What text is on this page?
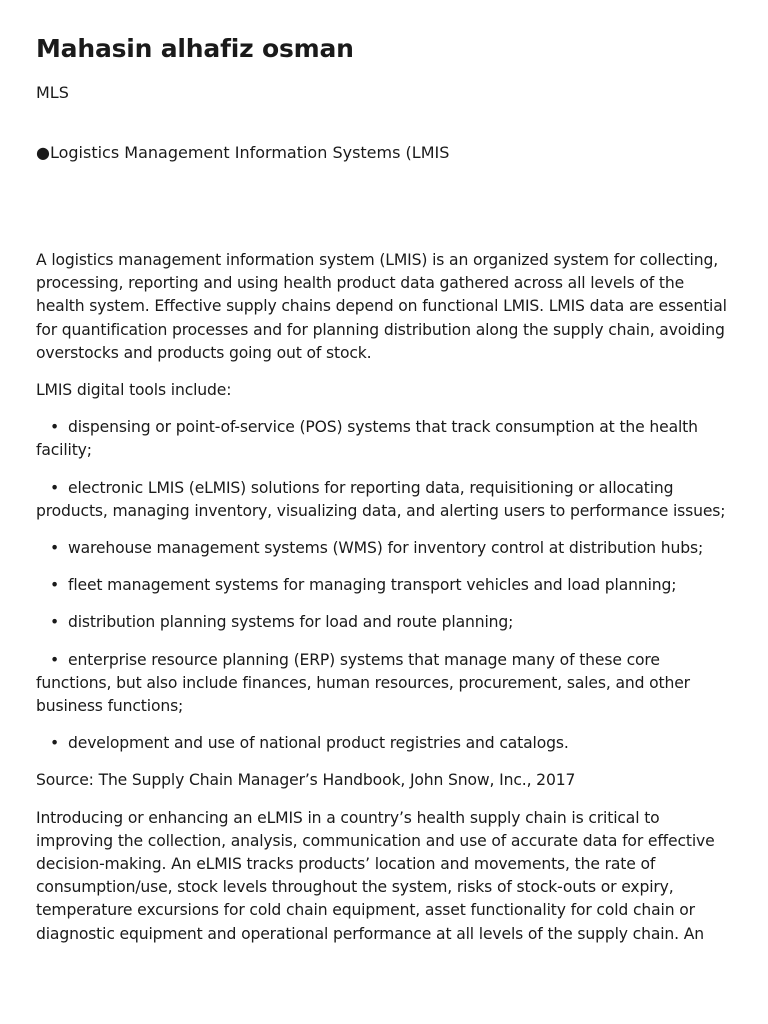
Mahasin alhafiz osman
MLS
●Logistics Management Information Systems (LMIS

A logistics management information system (LMIS) is an organized system for collecting, processing, reporting and using health product data gathered across all levels of the health system. Effective supply chains depend on functional LMIS. LMIS data are essential for quantification processes and for planning distribution along the supply chain, avoiding overstocks and products going out of stock.

LMIS digital tools include:

• dispensing or point-of-service (POS) systems that track consumption at the health facility;
• electronic LMIS (eLMIS) solutions for reporting data, requisitioning or allocating products, managing inventory, visualizing data, and alerting users to performance issues;
• warehouse management systems (WMS) for inventory control at distribution hubs;
• fleet management systems for managing transport vehicles and load planning;
• distribution planning systems for load and route planning;
• enterprise resource planning (ERP) systems that manage many of these core functions, but also include finances, human resources, procurement, sales, and other business functions;
• development and use of national product registries and catalogs.

Source: The Supply Chain Manager’s Handbook, John Snow, Inc., 2017

Introducing or enhancing an eLMIS in a country’s health supply chain is critical to improving the collection, analysis, communication and use of accurate data for effective decision-making. An eLMIS tracks products’ location and movements, the rate of consumption/use, stock levels throughout the system, risks of stock-outs or expiry, temperature excursions for cold chain equipment, asset functionality for cold chain or diagnostic equipment and operational performance at all levels of the supply chain. An
